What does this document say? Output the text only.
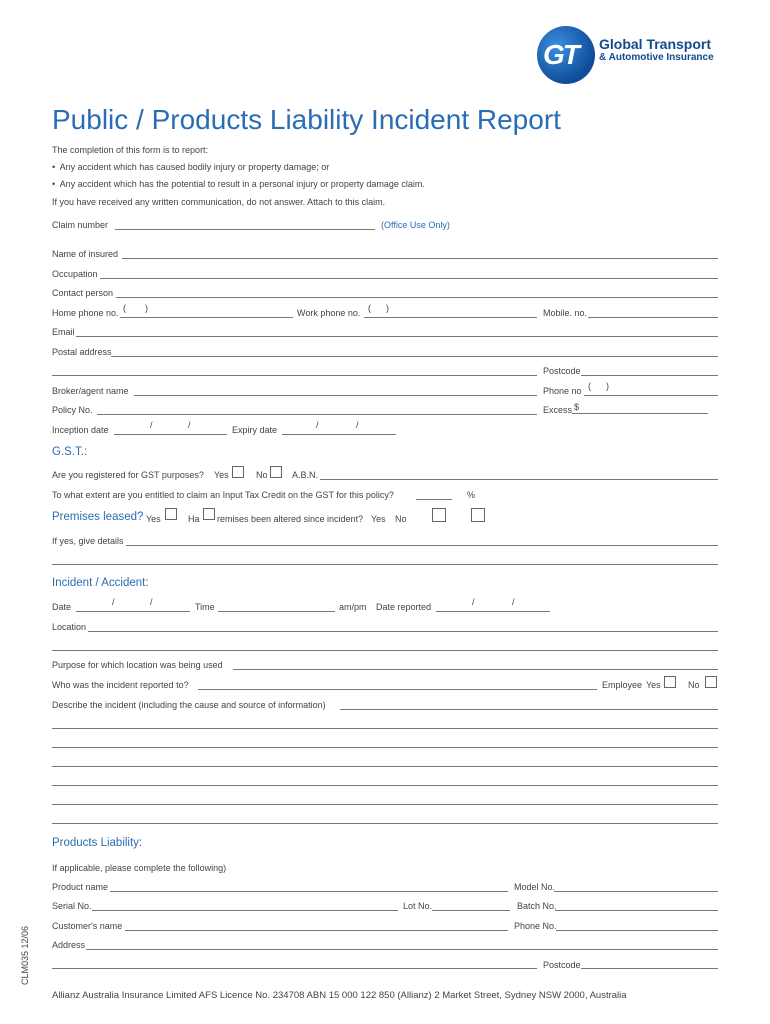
GT Global Transport
& Automotive Insurance
Public / Products Liability Incident Report
The completion of this form is to report:
•  Any accident which has caused bodily injury or property damage; or
•  Any accident which has the potential to result in a personal injury or property damage claim.
If you have received any written communication, do not answer. Attach to this claim.
Claim number	(Office Use Only)
Name of insured
Occupation
Contact person
Home phone no. ( )	Work phone no. ( )	Mobile. no.
Email
Postal address
Postcode
Broker/agent name	Phone no ( )
Policy No.	Excess $
Inception date	/	/	Expiry date	/	/
G.S.T.:
Are you registered for GST purposes? Yes	No	A.B.N.
To what extent are you entitled to claim an Input Tax Credit on the GST for this policy?	%
Premises leased? Yes	Ha remises been altered since incident? Yes No
If yes, give details
Incident / Accident:
Date	/	/	Time	am/pm Date reported	/	/
Location
Purpose for which location was being used
Who was the incident reported to?	Employee Yes	No
Describe the incident (including the cause and source of information)
Products Liability:
If applicable, please complete the following)
Product name	Model No.
Serial No.	Lot No.	Batch No.
Customer's name	Phone No.
Address
Postcode
CLM035 12/06
Allianz Australia Insurance Limited AFS Licence No. 234708 ABN 15 000 122 850 (Allianz) 2 Market Street, Sydney NSW 2000, Australia
